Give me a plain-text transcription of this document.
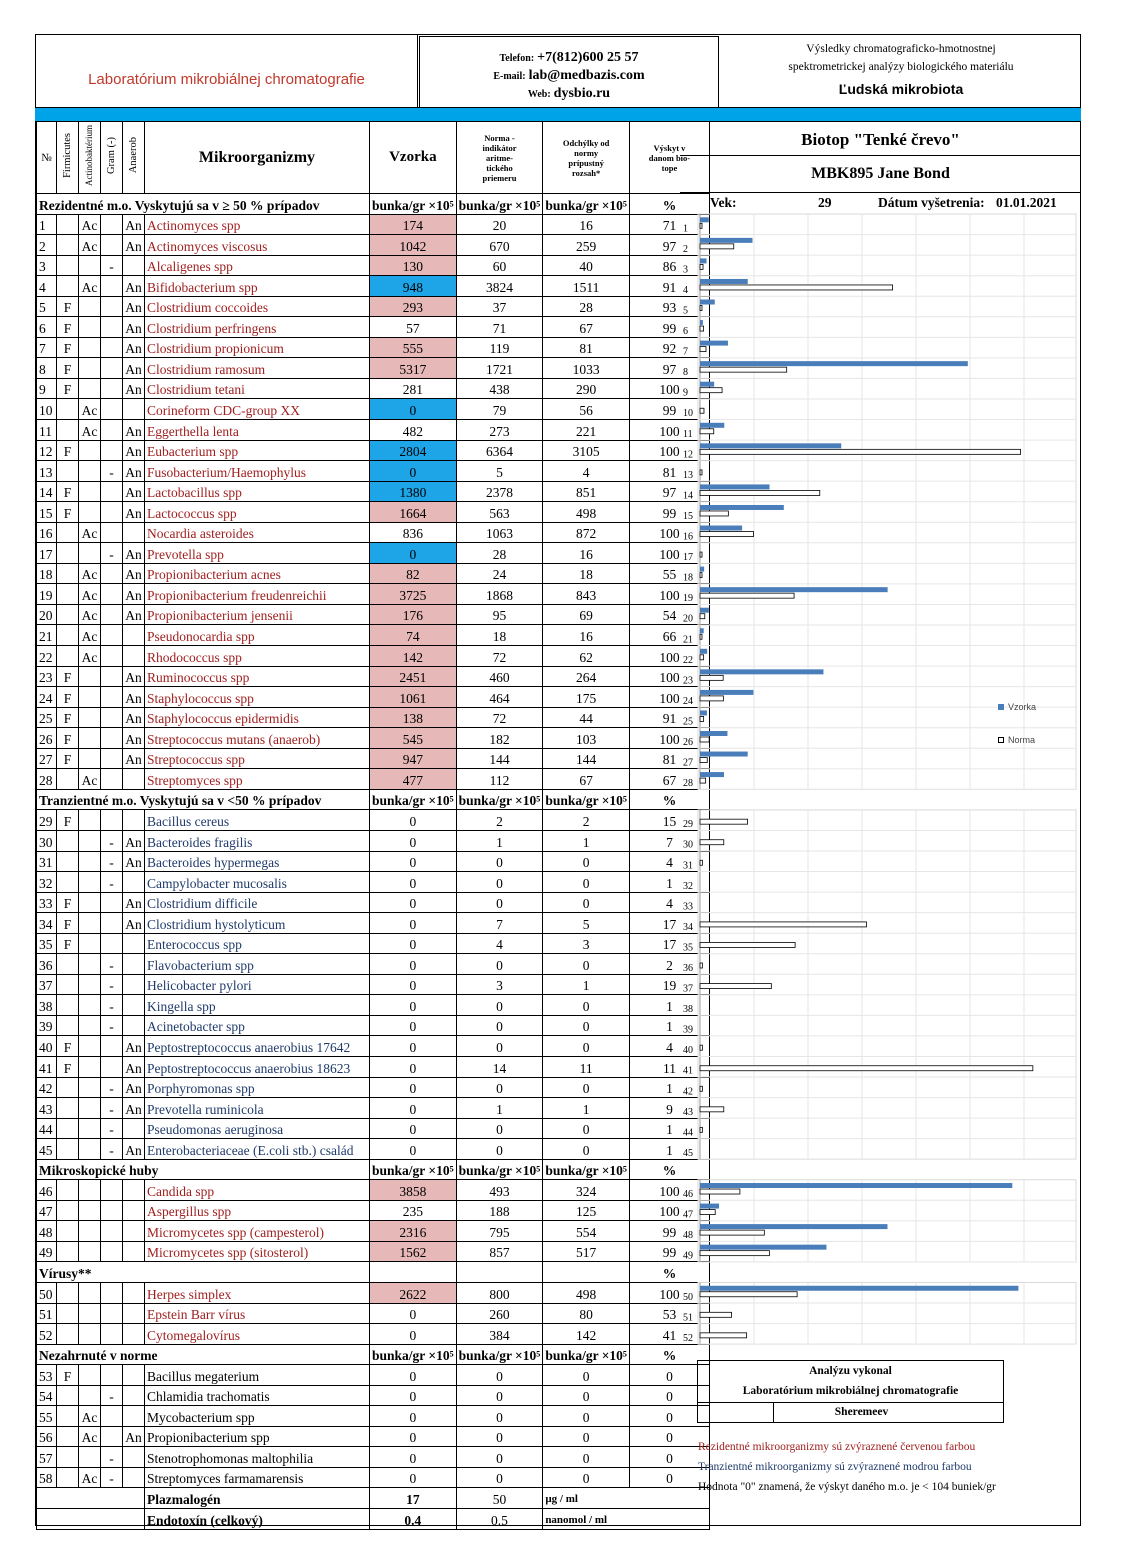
Laboratórium mikrobiálnej chromatografie
Telefon: +7(812)600 25 57
E-mail: lab@medbazis.com
Web: dysbio.ru
Výsledky chromatograficko-hmotnostnej
spektrometrickej analýzy biologického materiálu
Ľudská mikrobiota
№	Firmicutes	Actinobaktérium	Gram (-)	Anaerob	Mikroorganizmy	Vzorka	Norma - indikátor aritme-tického priemeru	Odchýlky od normy prípustný rozsah*	Výskyt v danom bio-tope

Rezidentné m.o. Vyskytujú sa v ≥ 50 % prípadov						bunka/gr ×10⁵	bunka/gr ×10⁵	bunka/gr ×10⁵	%
1		Ac		An	Actinomyces spp	174	20	16	71
2		Ac		An	Actinomyces viscosus	1042	670	259	97
3			-		Alcaligenes spp	130	60	40	86
4		Ac		An	Bifidobacterium spp	948	3824	1511	91
5	F			An	Clostridium coccoides	293	37	28	93
6	F			An	Clostridium perfringens	57	71	67	99
7	F			An	Clostridium propionicum	555	119	81	92
8	F			An	Clostridium ramosum	5317	1721	1033	97
9	F			An	Clostridium tetani	281	438	290	100
10		Ac			Corineform CDC-group XX	0	79	56	99
11		Ac		An	Eggerthella lenta	482	273	221	100
12	F			An	Eubacterium spp	2804	6364	3105	100
13			-	An	Fusobacterium/Haemophylus	0	5	4	81
14	F			An	Lactobacillus spp	1380	2378	851	97
15	F			An	Lactococcus spp	1664	563	498	99
16		Ac			Nocardia asteroides	836	1063	872	100
17			-	An	Prevotella spp	0	28	16	100
18		Ac		An	Propionibacterium acnes	82	24	18	55
19		Ac		An	Propionibacterium freudenreichii	3725	1868	843	100
20		Ac		An	Propionibacterium jensenii	176	95	69	54
21		Ac			Pseudonocardia spp	74	18	16	66
22		Ac			Rhodococcus spp	142	72	62	100
23	F			An	Ruminococcus spp	2451	460	264	100
24	F			An	Staphylococcus spp	1061	464	175	100
25	F			An	Staphylococcus epidermidis	138	72	44	91
26	F			An	Streptococcus mutans (anaerob)	545	182	103	100
27	F			An	Streptococcus spp	947	144	144	81
28		Ac			Streptomyces spp	477	112	67	67
Tranzientné m.o. Vyskytujú sa v <50 % prípadov						bunka/gr ×10⁵	bunka/gr ×10⁵	bunka/gr ×10⁵	%
29	F				Bacillus cereus	0	2	2	15
30			-	An	Bacteroides fragilis	0	1	1	7
31			-	An	Bacteroides hypermegas	0	0	0	4
32			-		Campylobacter mucosalis	0	0	0	1
33	F			An	Clostridium difficile	0	0	0	4
34	F			An	Clostridium hystolyticum	0	7	5	17
35	F				Enterococcus spp	0	4	3	17
36			-		Flavobacterium spp	0	0	0	2
37			-		Helicobacter pylori	0	3	1	19
38			-		Kingella spp	0	0	0	1
39			-		Acinetobacter spp	0	0	0	1
40	F			An	Peptostreptococcus anaerobius 17642	0	0	0	4
41	F			An	Peptostreptococcus anaerobius 18623	0	14	11	11
42			-	An	Porphyromonas spp	0	0	0	1
43			-	An	Prevotella ruminicola	0	1	1	9
44			-		Pseudomonas aeruginosa	0	0	0	1
45			-	An	Enterobacteriaceae (E.coli stb.) család	0	0	0	1
Mikroskopické huby						bunka/gr ×10⁵	bunka/gr ×10⁵	bunka/gr ×10⁵	%
46					Candida spp	3858	493	324	100
47					Aspergillus spp	235	188	125	100
48					Micromycetes spp (campesterol)	2316	795	554	99
49					Micromycetes spp (sitosterol)	1562	857	517	99
Vírusy**									%
50					Herpes simplex	2622	800	498	100
51					Epstein Barr vírus	0	260	80	53
52					Cytomegalovírus	0	384	142	41
Nezahrnuté v norme						bunka/gr ×10⁵	bunka/gr ×10⁵	bunka/gr ×10⁵	%
53	F				Bacillus megaterium	0	0	0	0
54			-		Chlamidia trachomatis	0	0	0	0
55		Ac			Mycobacterium spp	0	0	0	0
56		Ac		An	Propionibacterium spp	0	0	0	0
57			-		Stenotrophomonas maltophilia	0	0	0	0
58		Ac	-		Streptomyces farmamarensis	0	0	0	0
					Plazmalogén	17	50	µg / ml	
					Endotoxín (celkový)	0.4	0.5	nanomol / ml	
Biotop "Tenké črevo"
MBK895 Jane Bond
Vek:	29	Dátum vyšetrenia: 01.01.2021
1
2
3
4
5
6
7
8
9
10
11
12
13
14
15
16
17
18
19
20
21
22
23
24
25
26
27
28
29
30
31
32
33
34
35
36
37
38
39
40
41
42
43
44
45
46
47
48
49
50
51
52
Vzorka
Norma
Analýzu vykonal
Laboratórium mikrobiálnej chromatografie
Sheremeev
Rezidentné mikroorganizmy sú zvýraznené červenou farbou
Tranzientné mikroorganizmy sú zvýraznené modrou farbou
Hodnota "0" znamená, že výskyt daného m.o. je < 104 buniek/gr
